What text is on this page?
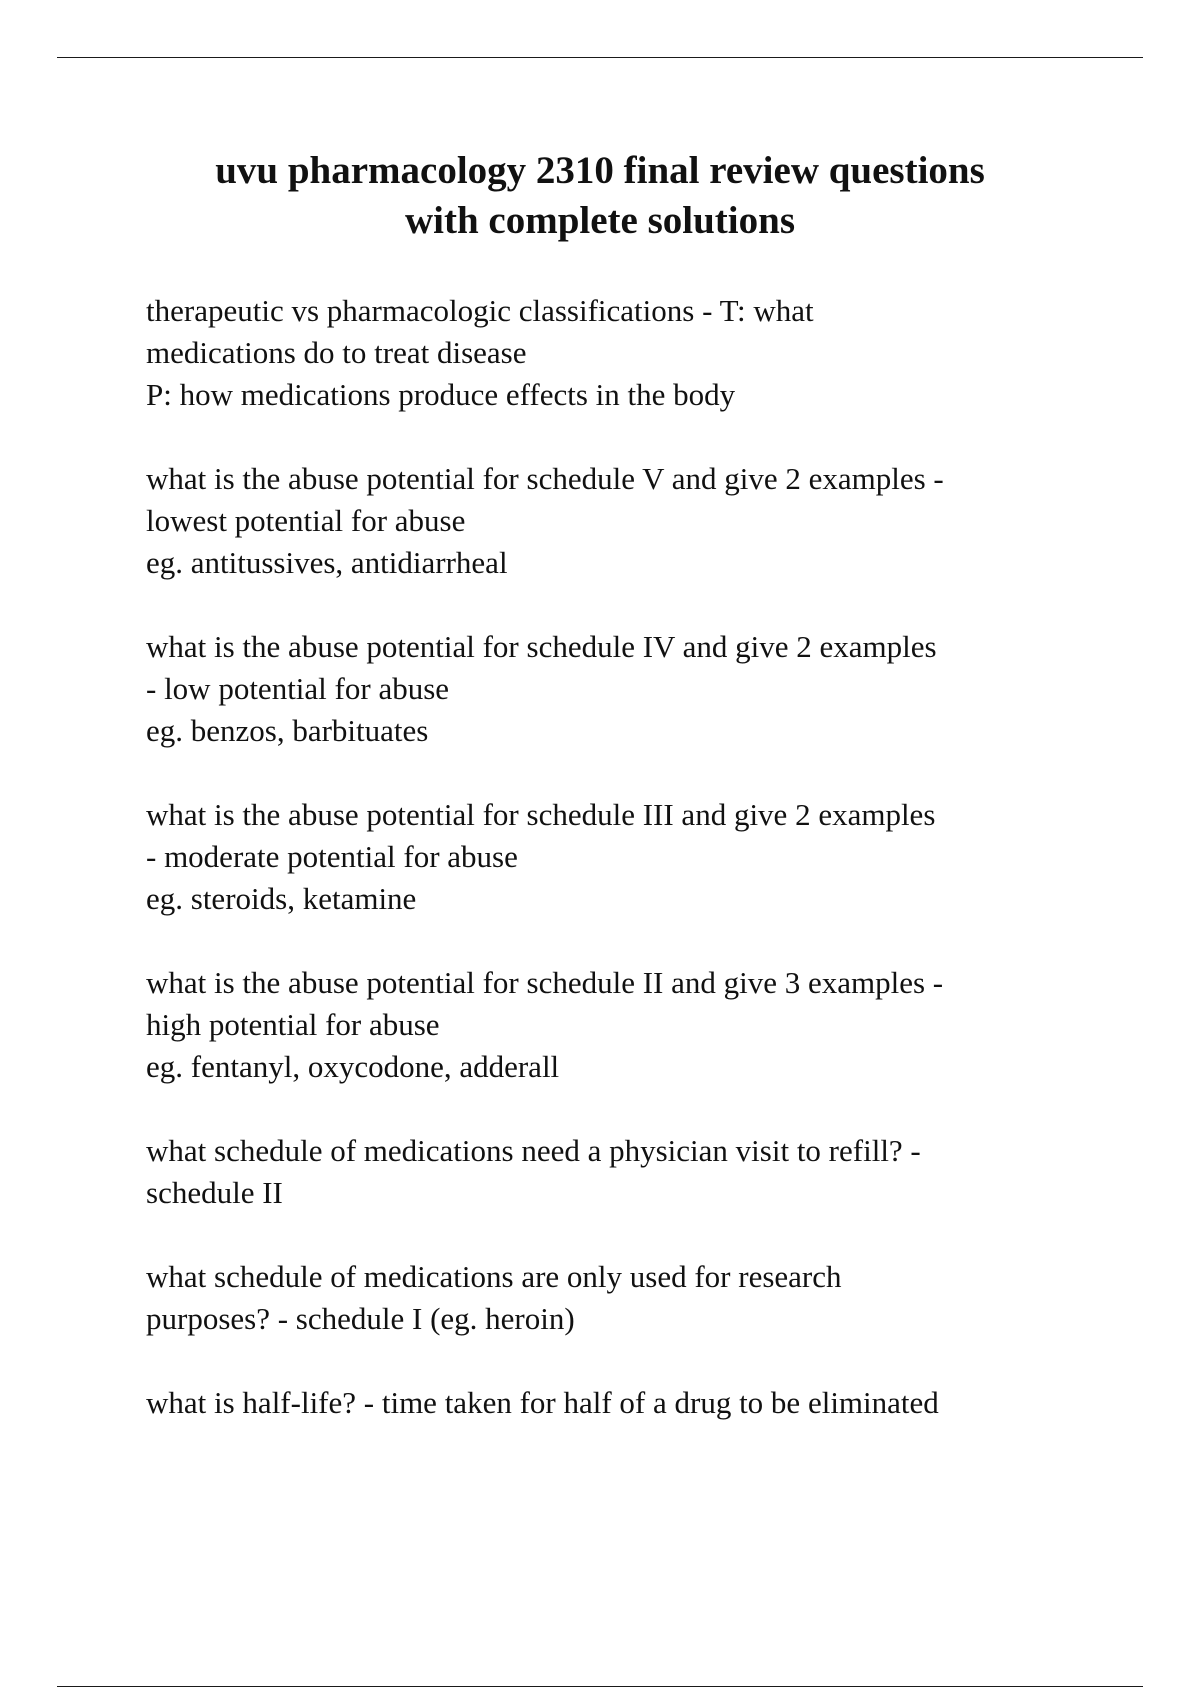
uvu pharmacology 2310 final review questions
with complete solutions

therapeutic vs pharmacologic classifications - T: what
medications do to treat disease
P: how medications produce effects in the body

what is the abuse potential for schedule V and give 2 examples -
lowest potential for abuse
eg. antitussives, antidiarrheal

what is the abuse potential for schedule IV and give 2 examples
- low potential for abuse
eg. benzos, barbituates

what is the abuse potential for schedule III and give 2 examples
- moderate potential for abuse
eg. steroids, ketamine

what is the abuse potential for schedule II and give 3 examples -
high potential for abuse
eg. fentanyl, oxycodone, adderall

what schedule of medications need a physician visit to refill? -
schedule II

what schedule of medications are only used for research
purposes? - schedule I (eg. heroin)

what is half-life? - time taken for half of a drug to be eliminated
